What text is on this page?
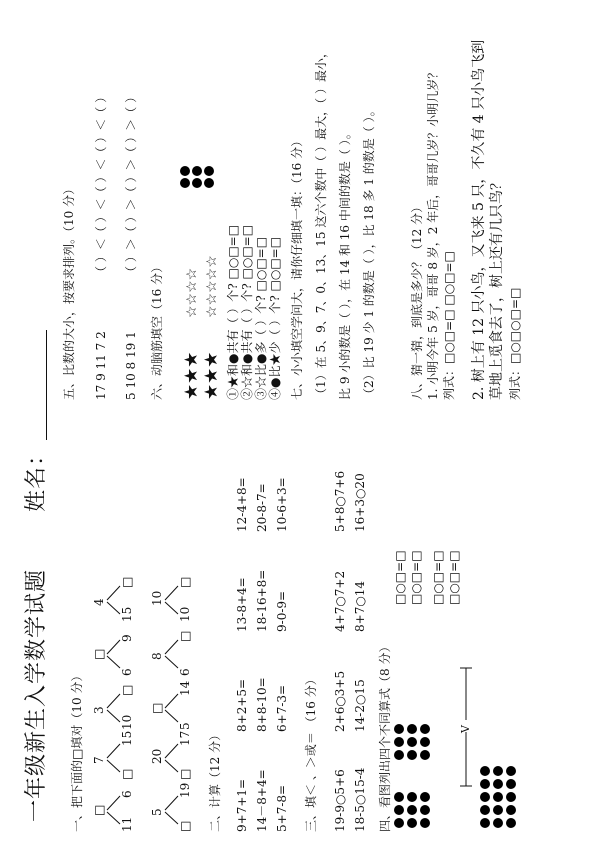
一年级新生入学数学试题
姓名：
一、把下面的□填对（10 分） □
11
6
7
□
15
3
10
□
□
6
9
4
15
□
5
□
19
20
□
17
□
5
14
8
6
□
10
10
□
二、计算（12 分） 9+7+1= 14－8+4= 5+7-8=
8+2+5= 8+8-10= 6+7-3=
13-8+4= 18-16+8= 9-0-9=
12-4+8= 20-8-7= 10-6+3=
三、填＜ 、＞或＝ （16 分） 19-9○5+6 18-5○15-4
2+6○3+5 14-2○15
4+7○7+2 8+7○14
5+8○7+6 16+3○20
四、看图列出四个不同算式（8 分）	V
□○□=□ □○□=□ □○□=□ □○□=□
五、比数的大小，按要求排列。（10 分） 17 9 11 7 2
（ ）＜（ ）＜（ ）＜（ ）＜（ ）
5 10 8 19 1
（ ）＞（ ）＞（ ）＞（ ）＞（ ）
六、动脑筋填空（16 分） ★★★ ★★★
☆☆☆☆ ☆☆☆☆☆ ①★和●共有（ ）个? □○□=□ ②☆和●共有（ ）个? □○□=□ ③☆比●多（ ）个? □○□=□ ④●比★少（ ）个? □○□=□ 七、小小填空学问大，请你仔细填一填：（16 分） （1）在 5、9、7、0、13、15 这六个数中（ ）最大，（ ）最小， 比 9 小的数是（ ），在 14 和 16 中间的数是（ ）。 （2）比 19 少 1 的数是（ ），比 18 多 1 的数是（ ）。	八、猜一猜，到底是多少？（12 分） 1. 小明今年 5 岁，哥哥 8 岁，2 年后，哥哥几岁？小明几岁？ 列式：□○□=□ □○□=□ 2. 树上有 12 只小鸟，又飞来 5 只，不久有 4 只小鸟飞到 草地上觅食去了，树上还有几只鸟？ 列式：□○□○□=□
